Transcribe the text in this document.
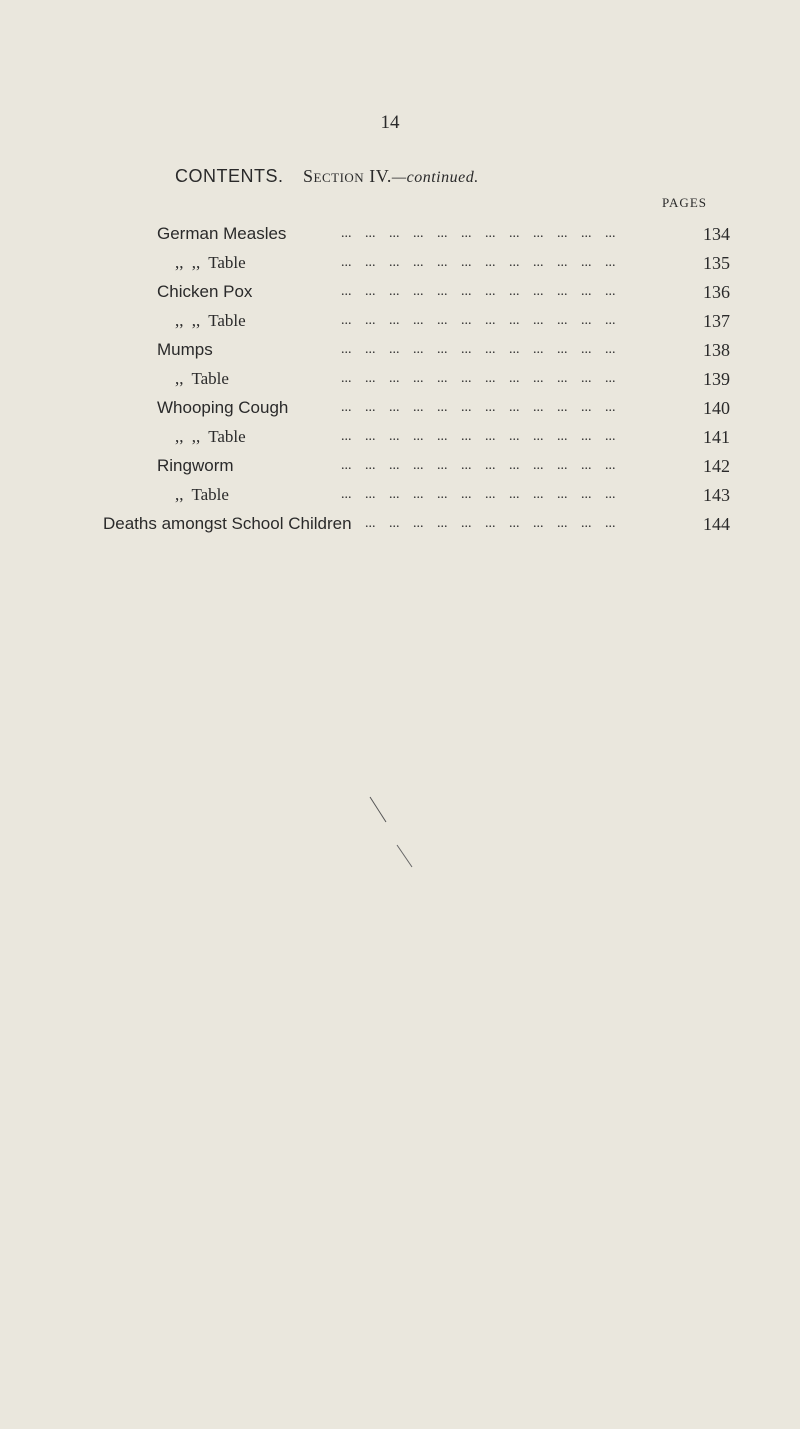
14
CONTENTS. Section IV.—continued.
PAGES
German Measles	134
... ... ... ... ... ... ... ... ... ... ... ...
,, ,, Table	135
... ... ... ... ... ... ... ... ... ... ... ...
Chicken Pox	136
... ... ... ... ... ... ... ... ... ... ... ...
,, ,, Table	137
... ... ... ... ... ... ... ... ... ... ... ...
Mumps	138
... ... ... ... ... ... ... ... ... ... ... ...
,, Table	139
... ... ... ... ... ... ... ... ... ... ... ...
Whooping Cough	140
... ... ... ... ... ... ... ... ... ... ... ...
,, ,, Table	141
... ... ... ... ... ... ... ... ... ... ... ...
Ringworm	142
... ... ... ... ... ... ... ... ... ... ... ...
,, Table	143
... ... ... ... ... ... ... ... ... ... ... ...
Deaths amongst School Children	144
... ... ... ... ... ... ... ... ... ... ...
